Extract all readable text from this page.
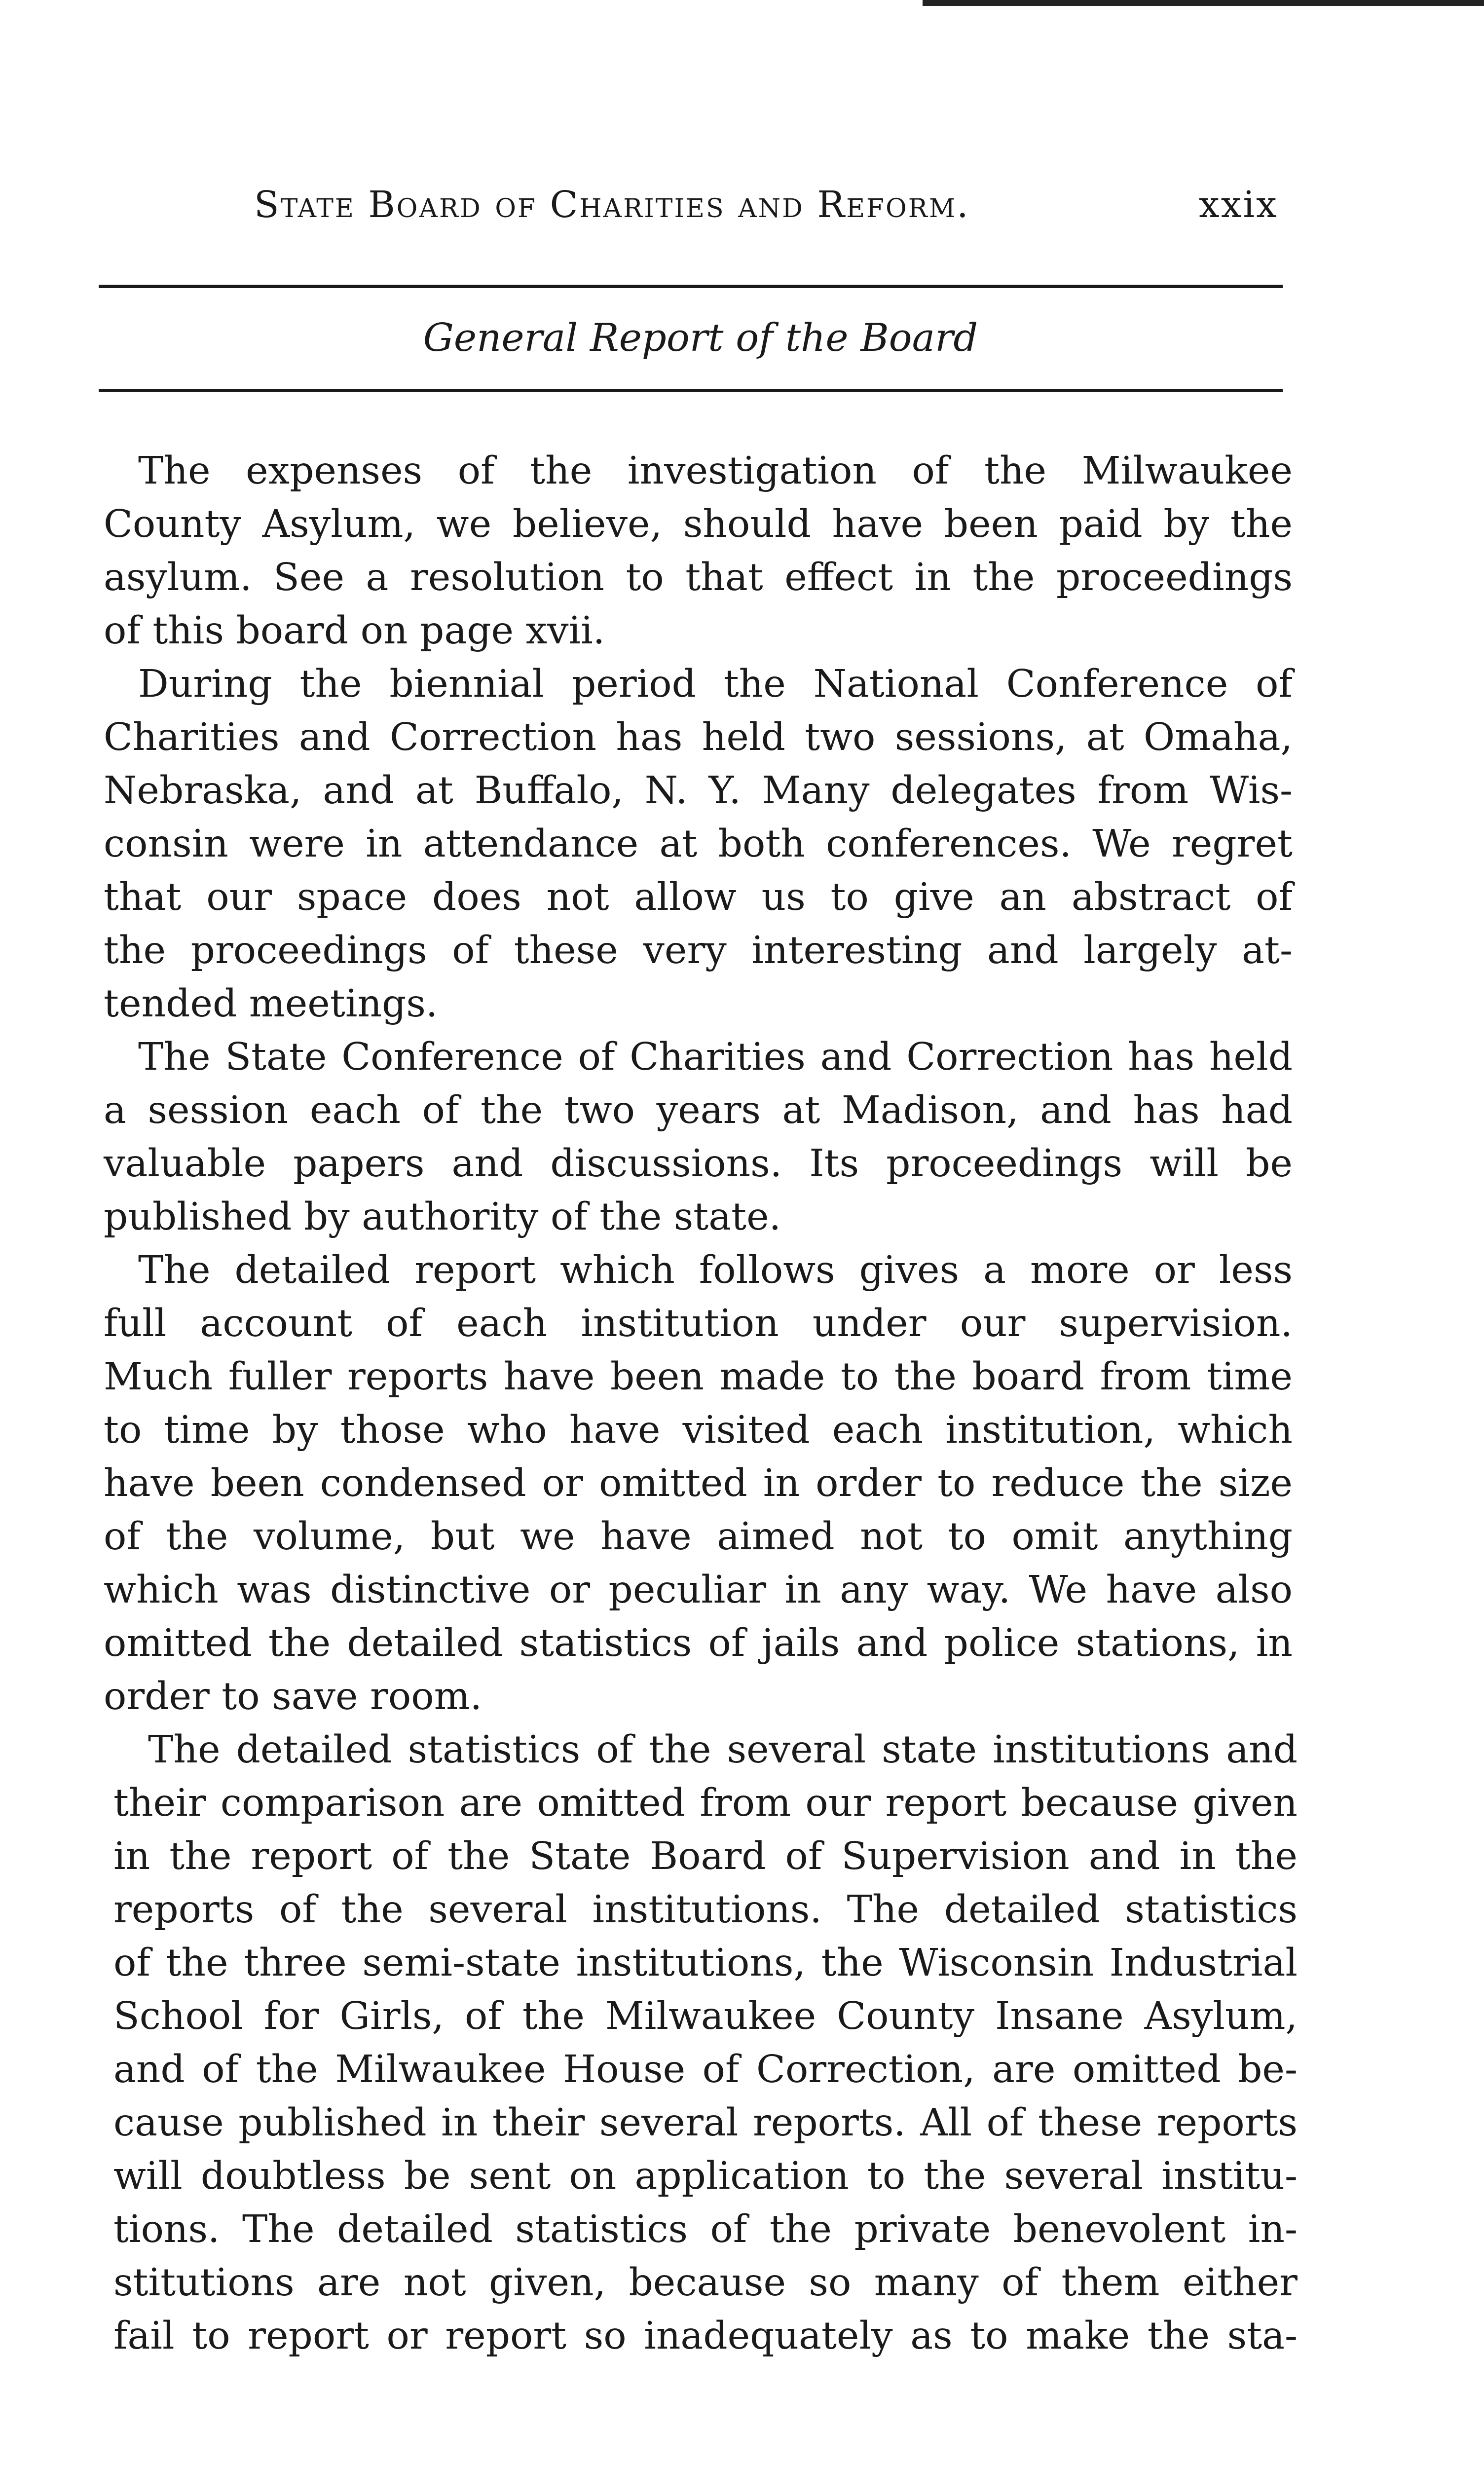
State Board of Charities and Reform.	xxix
General Report of the Board
The expenses of the investigation of the Milwaukee
County Asylum, we believe, should have been paid by the
asylum. See a resolution to that effect in the proceedings
of this board on page xvii.
During the biennial period the National Conference of
Charities and Correction has held two sessions, at Omaha,
Nebraska, and at Buffalo, N. Y. Many delegates from Wis-
consin were in attendance at both conferences. We regret
that our space does not allow us to give an abstract of
the proceedings of these very interesting and largely at-
tended meetings.
The State Conference of Charities and Correction has held
a session each of the two years at Madison, and has had
valuable papers and discussions. Its proceedings will be
published by authority of the state.
The detailed report which follows gives a more or less
full account of each institution under our supervision.
Much fuller reports have been made to the board from time
to time by those who have visited each institution, which
have been condensed or omitted in order to reduce the size
of the volume, but we have aimed not to omit anything
which was distinctive or peculiar in any way. We have also
omitted the detailed statistics of jails and police stations, in
order to save room.
The detailed statistics of the several state institutions and
their comparison are omitted from our report because given
in the report of the State Board of Supervision and in the
reports of the several institutions. The detailed statistics
of the three semi-state institutions, the Wisconsin Industrial
School for Girls, of the Milwaukee County Insane Asylum,
and of the Milwaukee House of Correction, are omitted be-
cause published in their several reports. All of these reports
will doubtless be sent on application to the several institu-
tions. The detailed statistics of the private benevolent in-
stitutions are not given, because so many of them either
fail to report or report so inadequately as to make the sta-
